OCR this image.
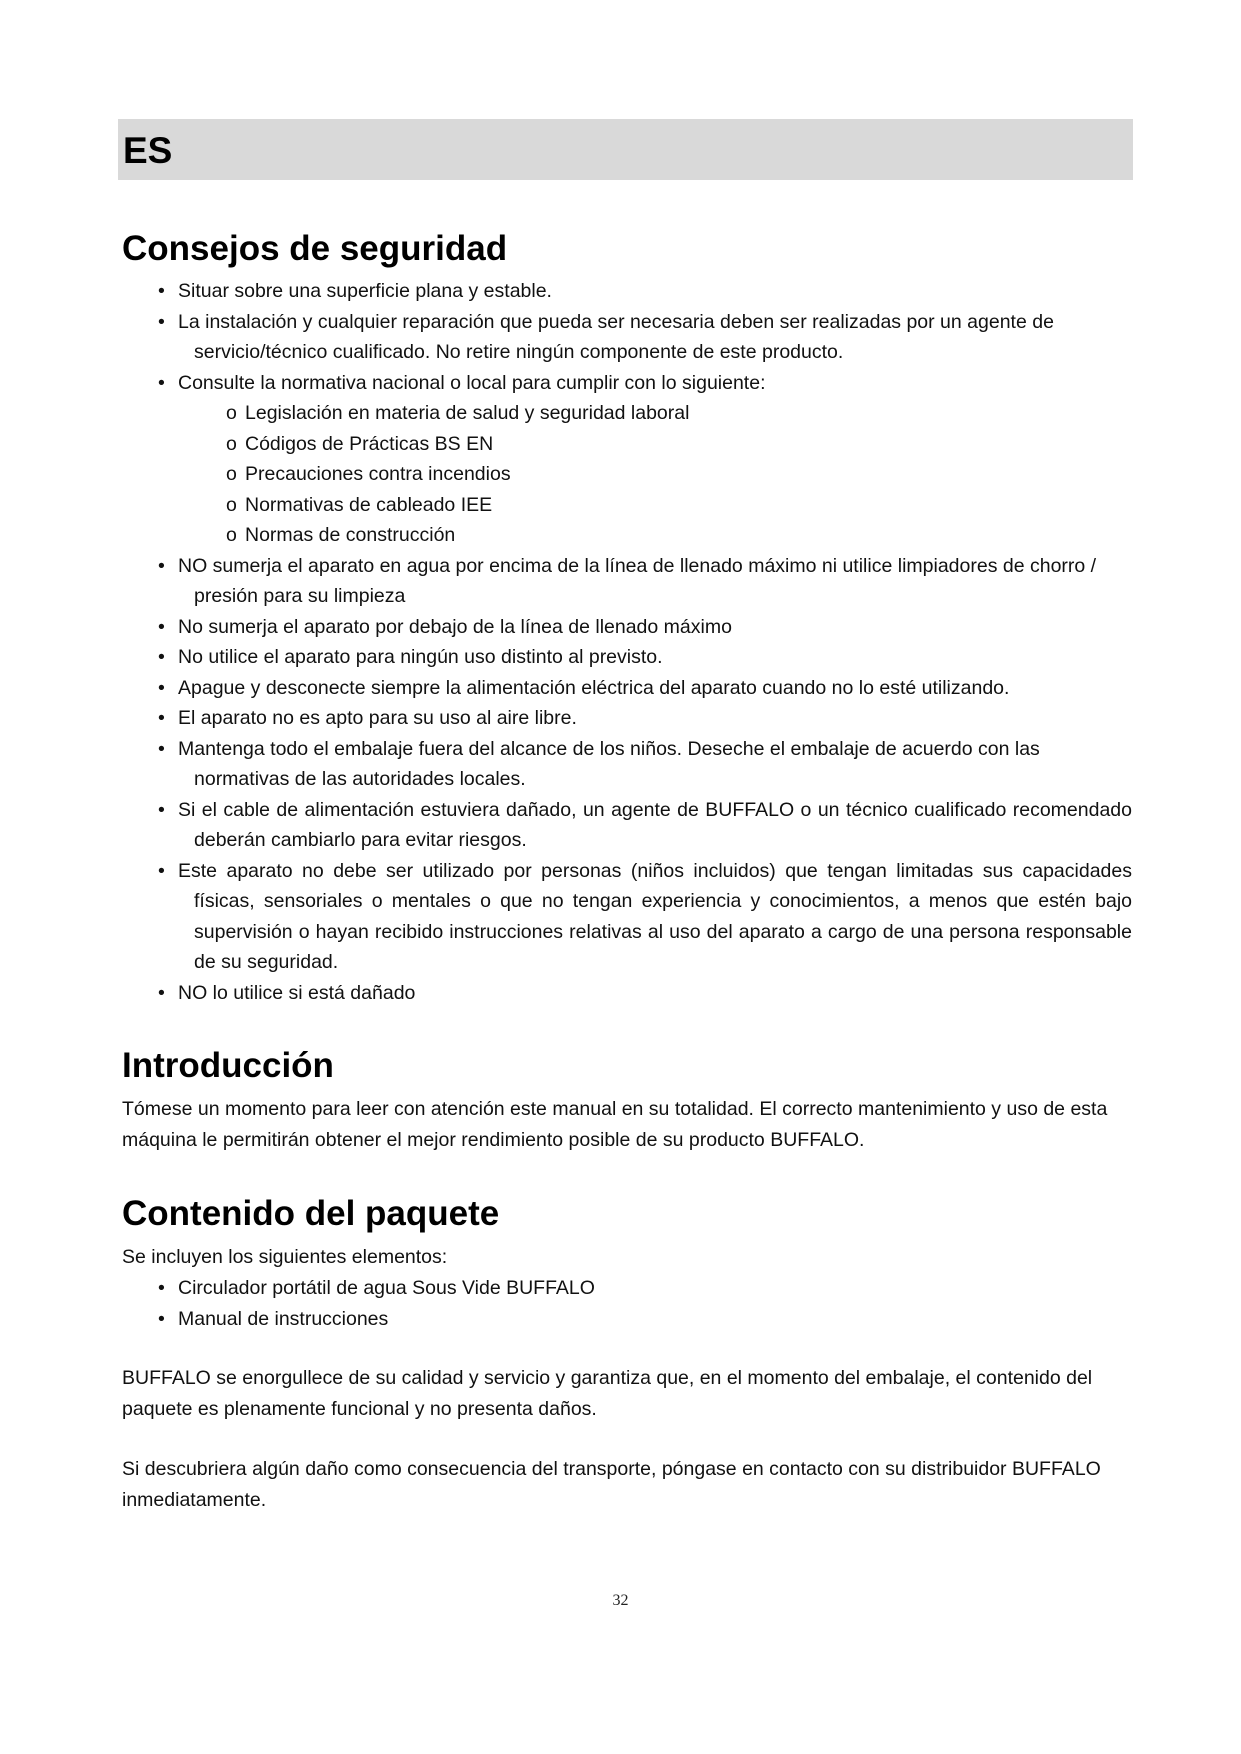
ES
Consejos de seguridad
• Situar sobre una superficie plana y estable.
• La instalación y cualquier reparación que pueda ser necesaria deben ser realizadas por un agente de servicio/técnico cualificado. No retire ningún componente de este producto.
• Consulte la normativa nacional o local para cumplir con lo siguiente:
o Legislación en materia de salud y seguridad laboral
o Códigos de Prácticas BS EN
o Precauciones contra incendios
o Normativas de cableado IEE
o Normas de construcción
• NO sumerja el aparato en agua por encima de la línea de llenado máximo ni utilice limpiadores de chorro / presión para su limpieza
• No sumerja el aparato por debajo de la línea de llenado máximo
• No utilice el aparato para ningún uso distinto al previsto.
• Apague y desconecte siempre la alimentación eléctrica del aparato cuando no lo esté utilizando.
• El aparato no es apto para su uso al aire libre.
• Mantenga todo el embalaje fuera del alcance de los niños. Deseche el embalaje de acuerdo con las normativas de las autoridades locales.
• Si el cable de alimentación estuviera dañado, un agente de BUFFALO o un técnico cualificado recomendado deberán cambiarlo para evitar riesgos.
• Este aparato no debe ser utilizado por personas (niños incluidos) que tengan limitadas sus capacidades físicas, sensoriales o mentales o que no tengan experiencia y conocimientos, a menos que estén bajo supervisión o hayan recibido instrucciones relativas al uso del aparato a cargo de una persona responsable de su seguridad.
• NO lo utilice si está dañado
Introducción

Tómese un momento para leer con atención este manual en su totalidad. El correcto mantenimiento y uso de esta máquina le permitirán obtener el mejor rendimiento posible de su producto BUFFALO.

Contenido del paquete

Se incluyen los siguientes elementos:

• Circulador portátil de agua Sous Vide BUFFALO
• Manual de instrucciones

BUFFALO se enorgullece de su calidad y servicio y garantiza que, en el momento del embalaje, el contenido del paquete es plenamente funcional y no presenta daños.

Si descubriera algún daño como consecuencia del transporte, póngase en contacto con su distribuidor BUFFALO inmediatamente.

32
